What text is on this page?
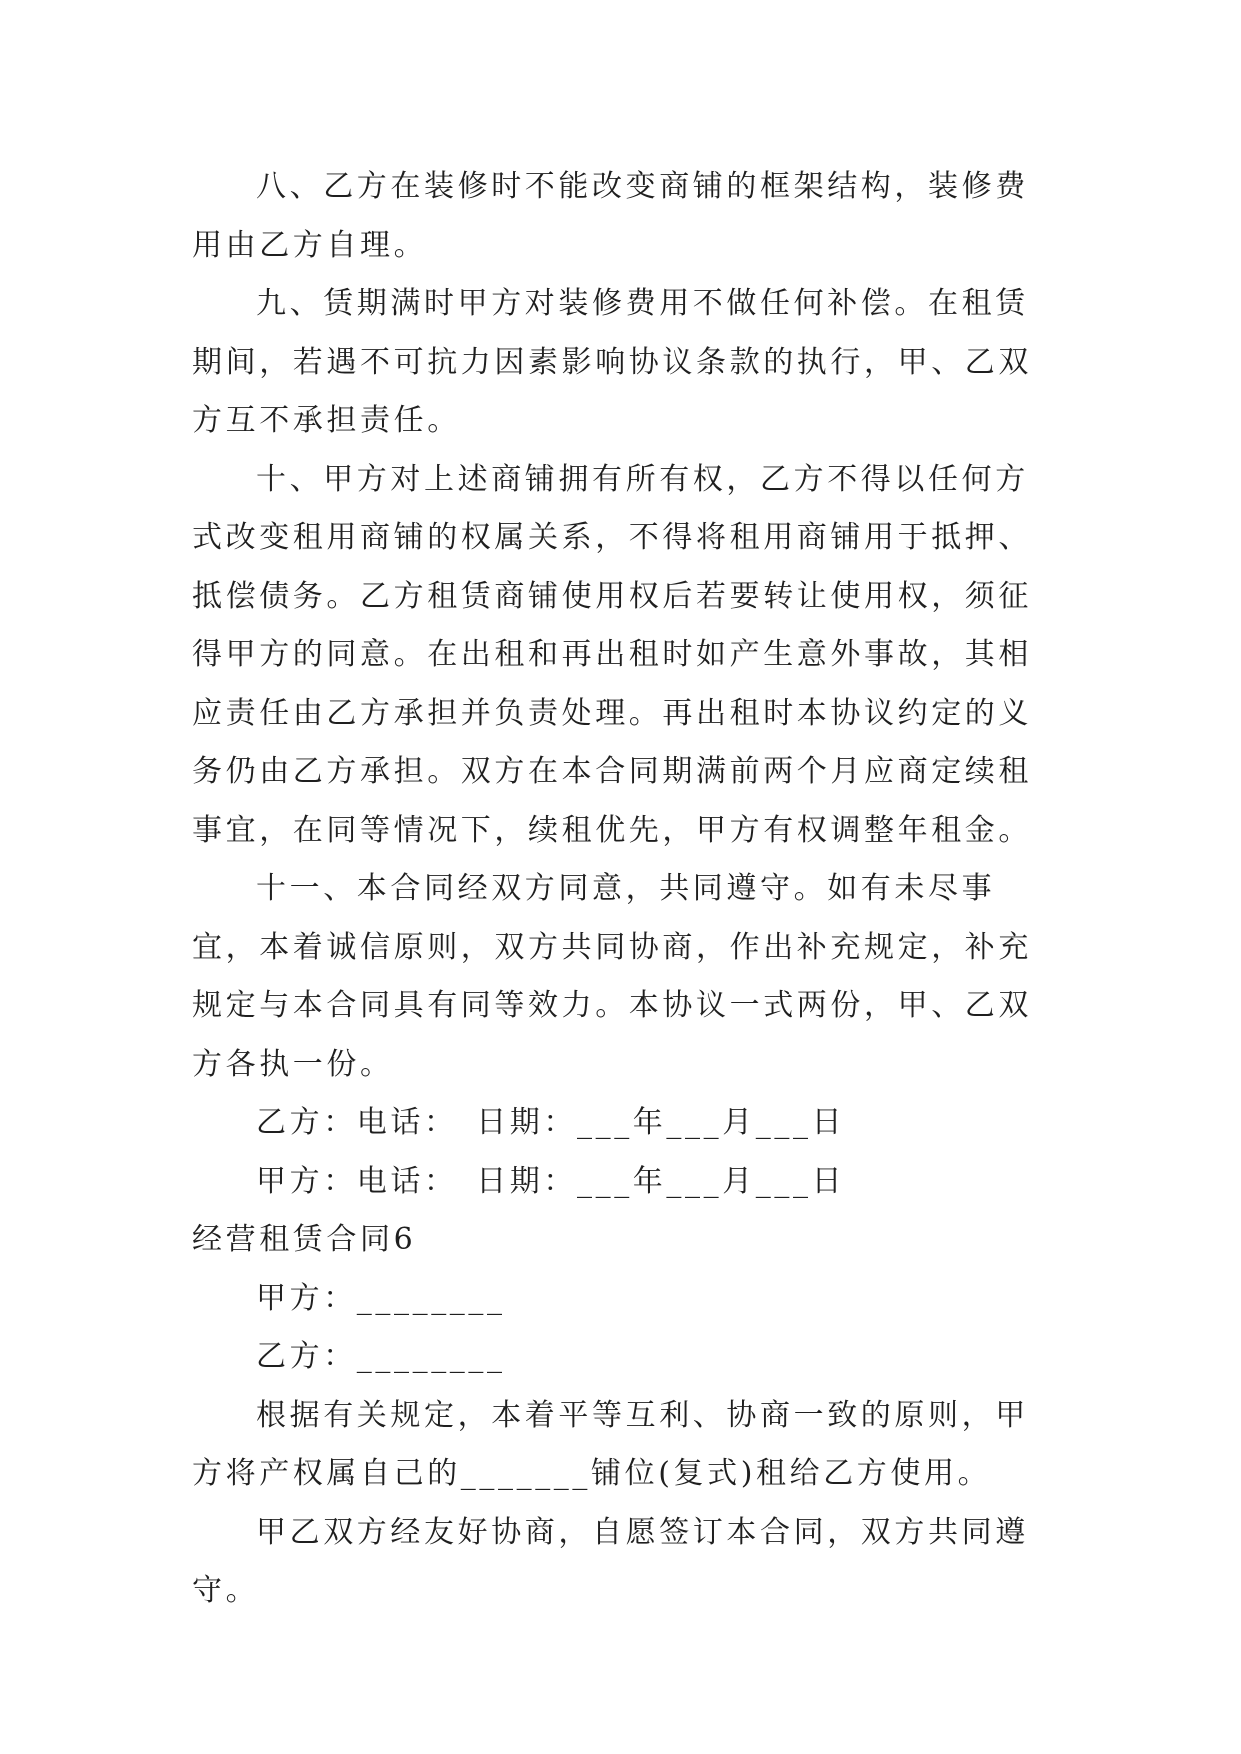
八、乙方在装修时不能改变商铺的框架结构，装修费用由乙方自理。

九、赁期满时甲方对装修费用不做任何补偿。在租赁期间，若遇不可抗力因素影响协议条款的执行，甲、乙双方互不承担责任。

十、甲方对上述商铺拥有所有权，乙方不得以任何方式改变租用商铺的权属关系，不得将租用商铺用于抵押、抵偿债务。乙方租赁商铺使用权后若要转让使用权，须征得甲方的同意。在出租和再出租时如产生意外事故，其相应责任由乙方承担并负责处理。再出租时本协议约定的义务仍由乙方承担。双方在本合同期满前两个月应商定续租事宜，在同等情况下，续租优先，甲方有权调整年租金。

十一、本合同经双方同意，共同遵守。如有未尽事宜，本着诚信原则，双方共同协商，作出补充规定，补充规定与本合同具有同等效力。本协议一式两份，甲、乙双方各执一份。

乙方：电话：　日期：___年___月___日

甲方：电话：　日期：___年___月___日

经营租赁合同6

甲方：________

乙方：________

根据有关规定，本着平等互利、协商一致的原则，甲方将产权属自己的_______铺位(复式)租给乙方使用。

甲乙双方经友好协商，自愿签订本合同，双方共同遵守。
